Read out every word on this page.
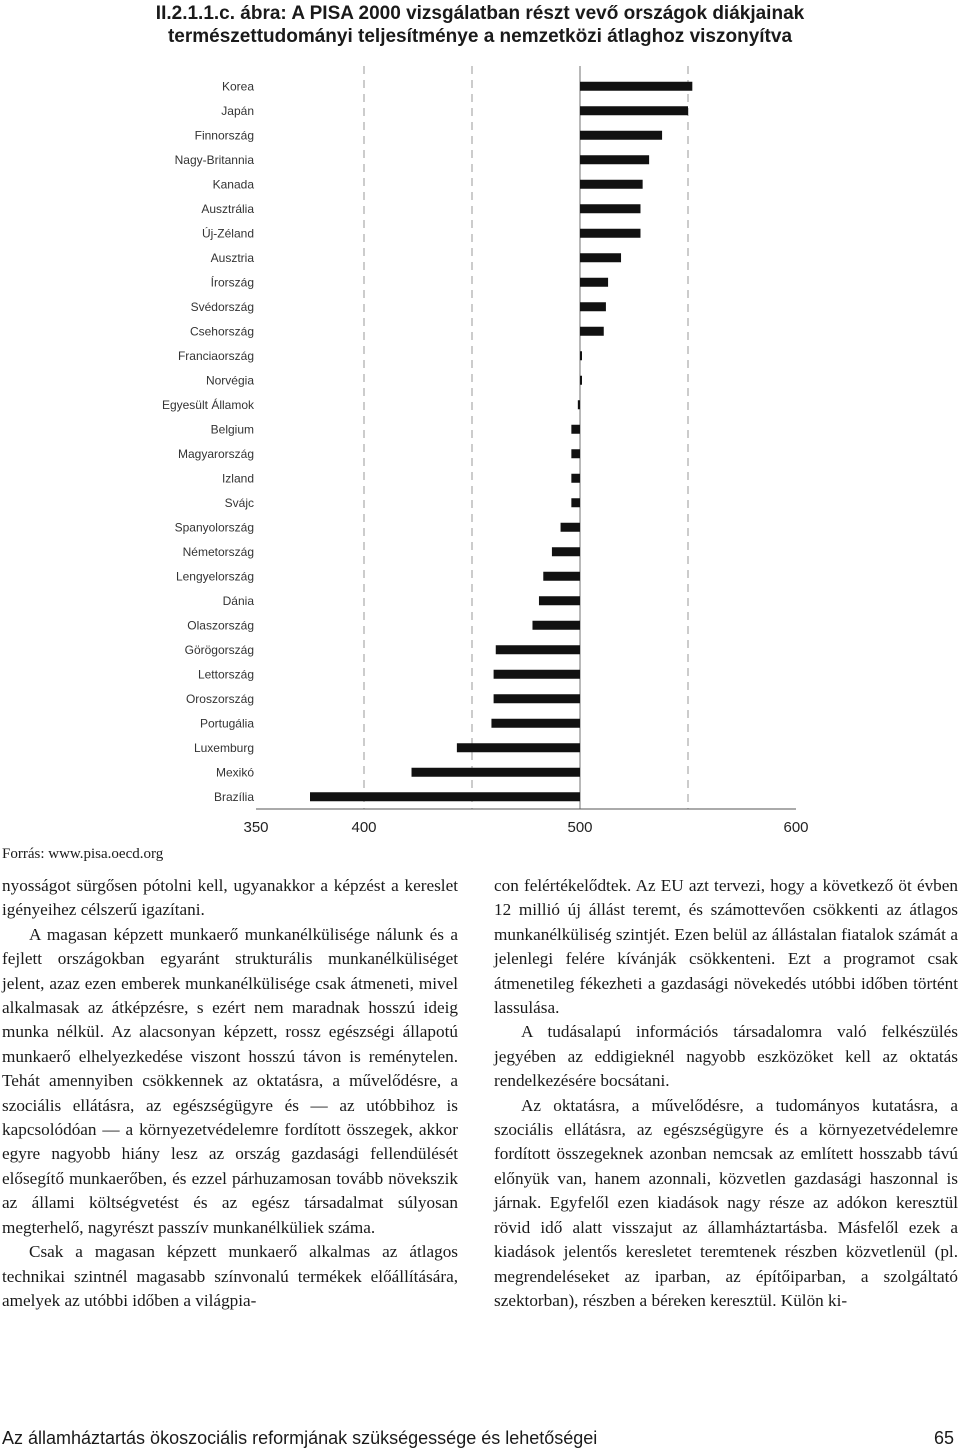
II.2.1.1.c. ábra: A PISA 2000 vizsgálatban részt vevő országok diákjainak
természettudományi teljesítménye a nemzetközi átlaghoz viszonyítva
Korea
Japán
Finnország
Nagy-Britannia
Kanada
Ausztrália
Új-Zéland
Ausztria
Írország
Svédország
Csehország
Franciaország
Norvégia
Egyesült Államok
Belgium
Magyarország
Izland
Svájc
Spanyolország
Németország
Lengyelország
Dánia
Olaszország
Görögország
Lettország
Oroszország
Portugália
Luxemburg
Mexikó
Brazília
350	400	500	600
Forrás: www.pisa.oecd.org

nyosságot sürgősen pótolni kell, ugyanakkor a képzést a kereslet igényeihez célszerű igazítani.

A magasan képzett munkaerő munkanélkülisége nálunk és a fejlett országokban egyaránt strukturális munkanélküliséget jelent, azaz ezen emberek munkanélkülisége csak átmeneti, mivel alkalmasak az átképzésre, s ezért nem maradnak hosszú ideig munka nélkül. Az alacsonyan képzett, rossz egészségi állapotú munkaerő elhelyezkedése viszont hosszú távon is reménytelen. Tehát amennyiben csökkennek az oktatásra, a művelődésre, a szociális ellátásra, az egészségügyre és — az utóbbihoz is kapcsolódóan — a környezetvédelemre fordított összegek, akkor egyre nagyobb hiány lesz az ország gazdasági fellendülését elősegítő munkaerőben, és ezzel párhuzamosan tovább növekszik az állami költségvetést és az egész társadalmat súlyosan megterhelő, nagyrészt passzív munkanélküliek száma.

Csak a magasan képzett munkaerő alkalmas az átlagos technikai szintnél magasabb színvonalú termékek előállítására, amelyek az utóbbi időben a világpia-

con felértékelődtek. Az EU azt tervezi, hogy a következő öt évben 12 millió új állást teremt, és számottevően csökkenti az átlagos munkanélküliség szintjét. Ezen belül az állástalan fiatalok számát a jelenlegi felére kívánják csökkenteni. Ezt a programot csak átmenetileg fékezheti a gazdasági növekedés utóbbi időben történt lassulása.

A tudásalapú információs társadalomra való felkészülés jegyében az eddigieknél nagyobb eszközöket kell az oktatás rendelkezésére bocsátani.

Az oktatásra, a művelődésre, a tudományos kutatásra, a szociális ellátásra, az egészségügyre és a környezetvédelemre fordított összegeknek azonban nemcsak az említett hosszabb távú előnyük van, hanem azonnali, közvetlen gazdasági haszonnal is járnak. Egyfelől ezen kiadások nagy része az adókon keresztül rövid idő alatt visszajut az államháztartásba. Másfelől ezek a kiadások jelentős keresletet teremtenek részben közvetlenül (pl. megrendeléseket az iparban, az építőiparban, a szolgáltató szektorban), részben a béreken keresztül. Külön ki-

Az államháztartás ökoszociális reformjának szükségessége és lehetőségei	65
